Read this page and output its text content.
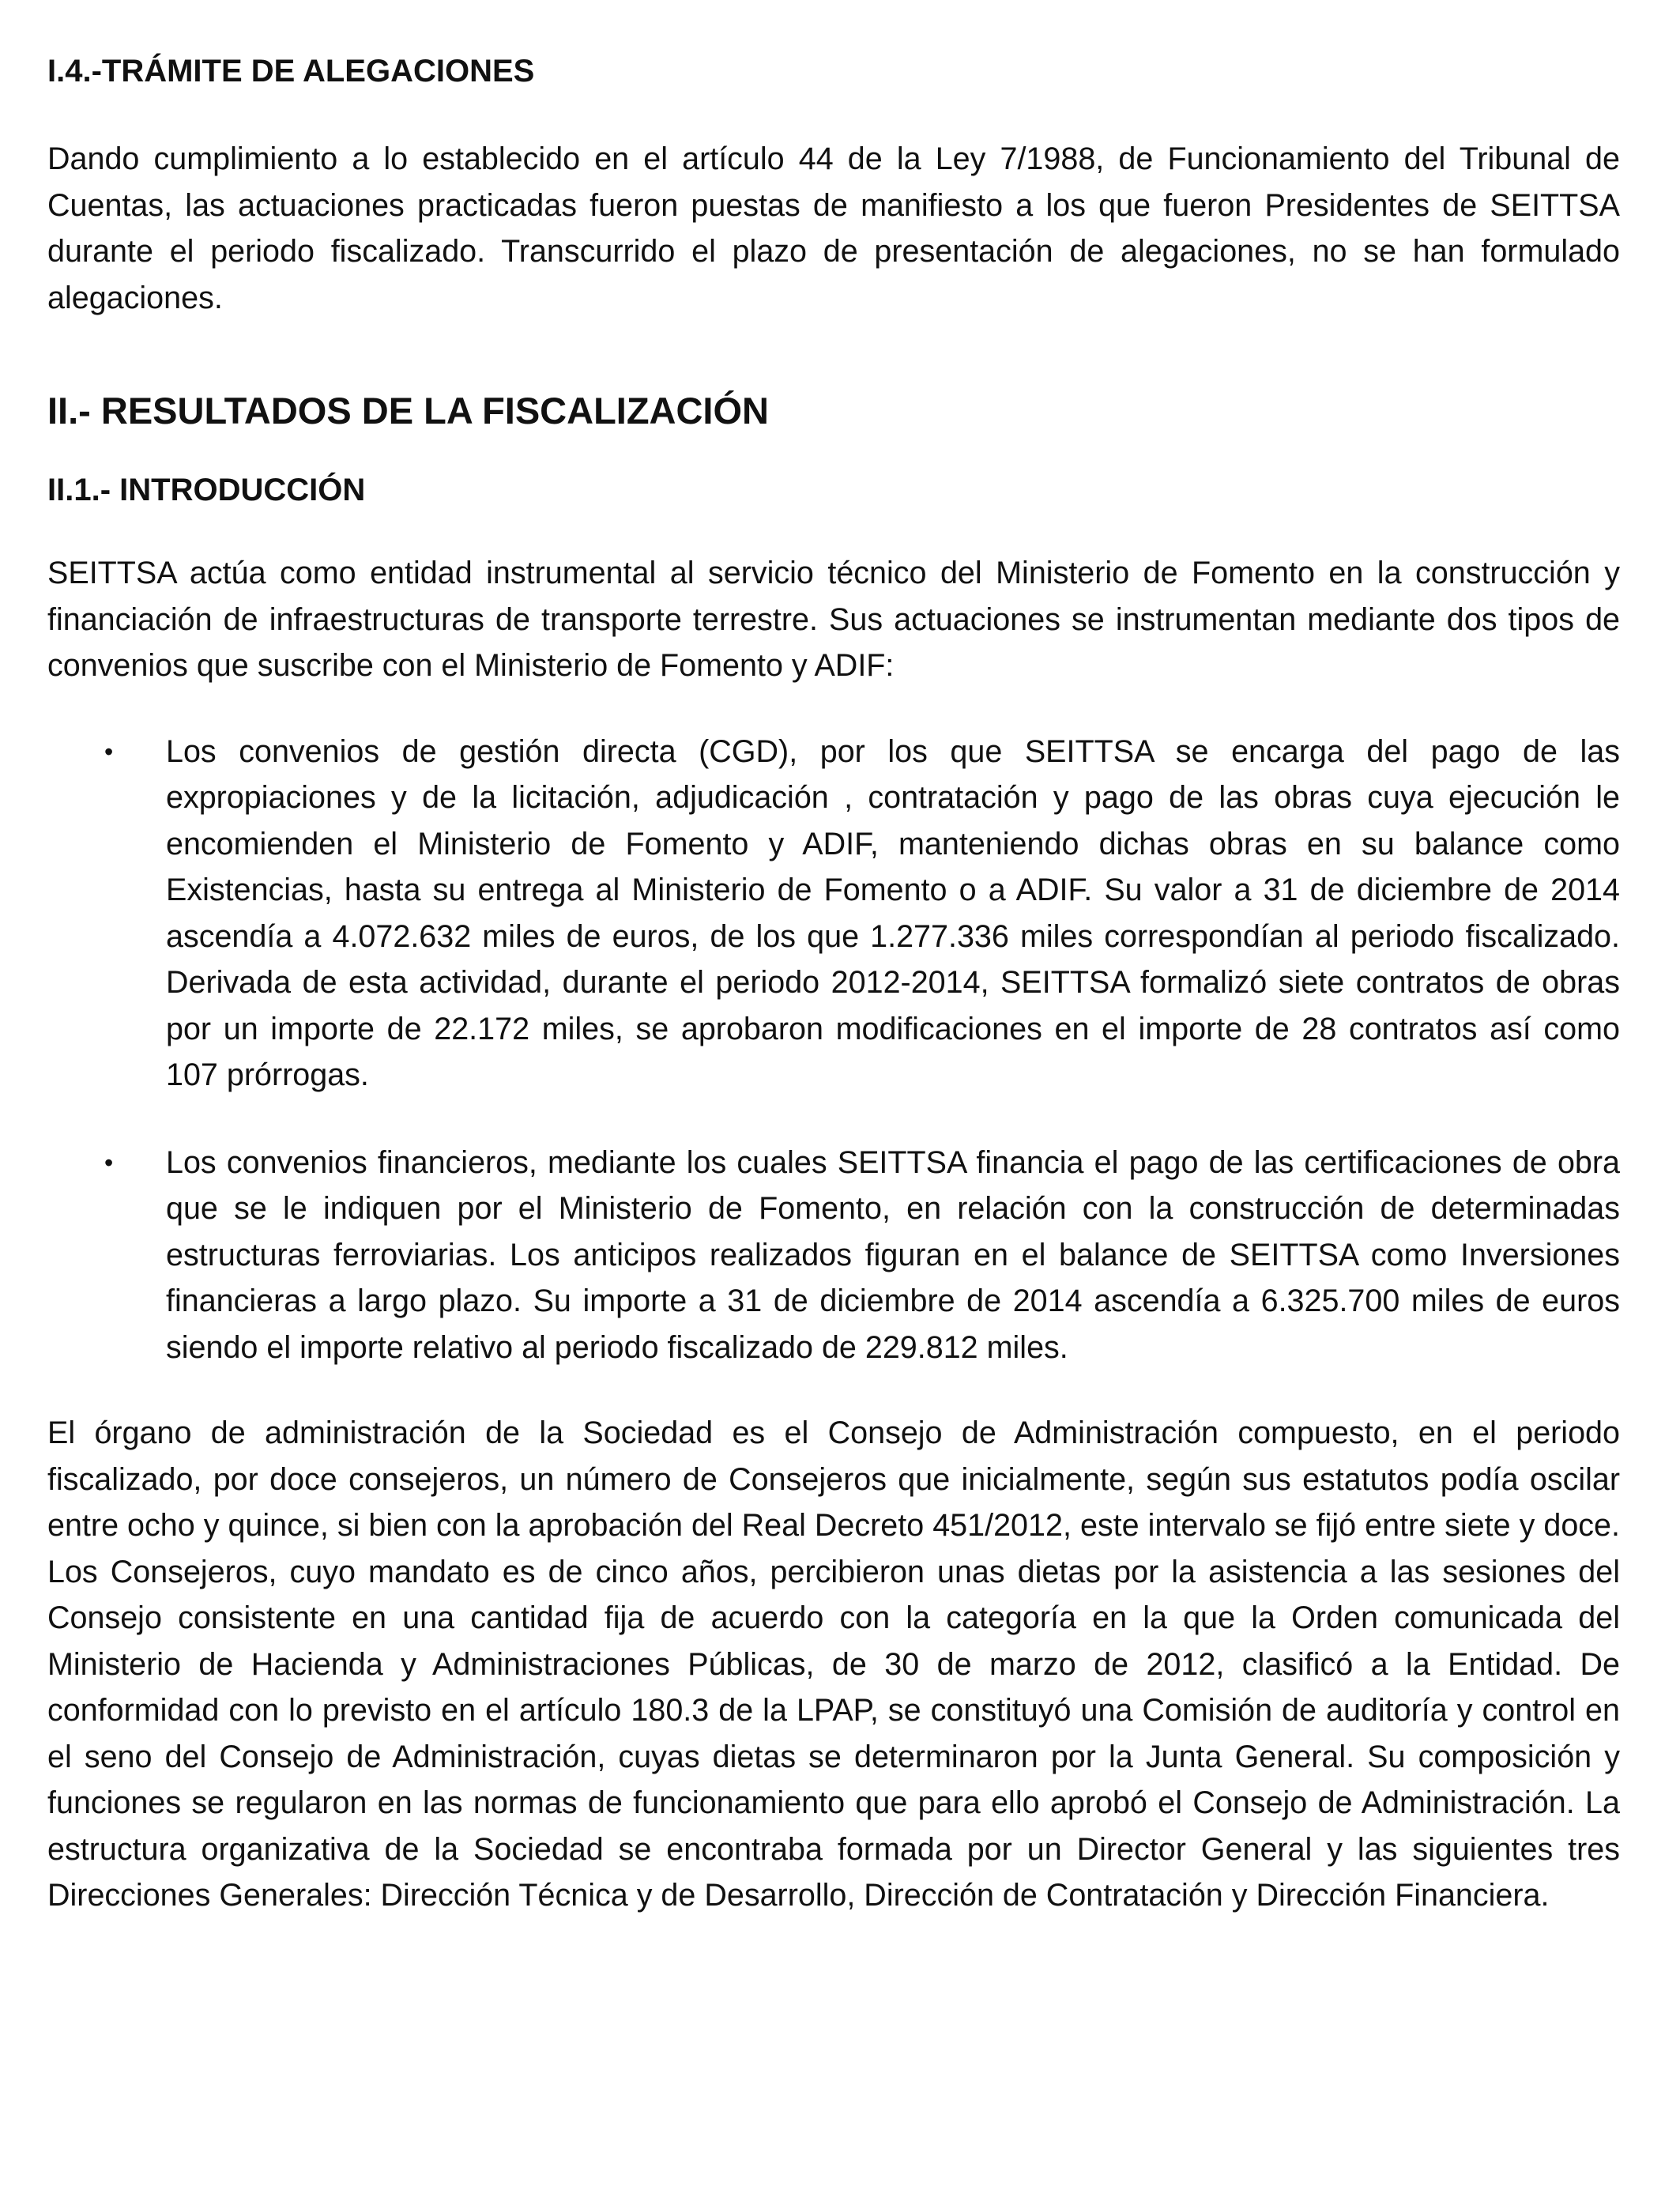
I.4.-TRÁMITE DE ALEGACIONES

Dando cumplimiento a lo establecido en el artículo 44 de la Ley 7/1988, de Funcionamiento del Tribunal de Cuentas, las actuaciones practicadas fueron puestas de manifiesto a los que fueron Presidentes de SEITTSA durante el periodo fiscalizado. Transcurrido el plazo de presentación de alegaciones, no se han formulado alegaciones.

II.- RESULTADOS DE LA FISCALIZACIÓN
II.1.- INTRODUCCIÓN

SEITTSA actúa como entidad instrumental al servicio técnico del Ministerio de Fomento en la construcción y financiación de infraestructuras de transporte terrestre. Sus actuaciones se instrumentan mediante dos tipos de convenios que suscribe con el Ministerio de Fomento y ADIF:

• Los convenios de gestión directa (CGD), por los que SEITTSA se encarga del pago de las expropiaciones y de la licitación, adjudicación , contratación y pago de las obras cuya ejecución le encomienden el Ministerio de Fomento y ADIF, manteniendo dichas obras en su balance como Existencias, hasta su entrega al Ministerio de Fomento o a ADIF. Su valor a 31 de diciembre de 2014 ascendía a 4.072.632 miles de euros, de los que 1.277.336 miles correspondían al periodo fiscalizado. Derivada de esta actividad, durante el periodo 2012-2014, SEITTSA formalizó siete contratos de obras por un importe de 22.172 miles, se aprobaron modificaciones en el importe de 28 contratos así como 107 prórrogas.
• Los convenios financieros, mediante los cuales SEITTSA financia el pago de las certificaciones de obra que se le indiquen por el Ministerio de Fomento, en relación con la construcción de determinadas estructuras ferroviarias. Los anticipos realizados figuran en el balance de SEITTSA como Inversiones financieras a largo plazo. Su importe a 31 de diciembre de 2014 ascendía a 6.325.700 miles de euros siendo el importe relativo al periodo fiscalizado de 229.812 miles.

El órgano de administración de la Sociedad es el Consejo de Administración compuesto, en el periodo fiscalizado, por doce consejeros, un número de Consejeros que inicialmente, según sus estatutos podía oscilar entre ocho y quince, si bien con la aprobación del Real Decreto 451/2012, este intervalo se fijó entre siete y doce. Los Consejeros, cuyo mandato es de cinco años, percibieron unas dietas por la asistencia a las sesiones del Consejo consistente en una cantidad fija de acuerdo con la categoría en la que la Orden comunicada del Ministerio de Hacienda y Administraciones Públicas, de 30 de marzo de 2012, clasificó a la Entidad. De conformidad con lo previsto en el artículo 180.3 de la LPAP, se constituyó una Comisión de auditoría y control en el seno del Consejo de Administración, cuyas dietas se determinaron por la Junta General. Su composición y funciones se regularon en las normas de funcionamiento que para ello aprobó el Consejo de Administración. La estructura organizativa de la Sociedad se encontraba formada por un Director General y las siguientes tres Direcciones Generales: Dirección Técnica y de Desarrollo, Dirección de Contratación y Dirección Financiera.
